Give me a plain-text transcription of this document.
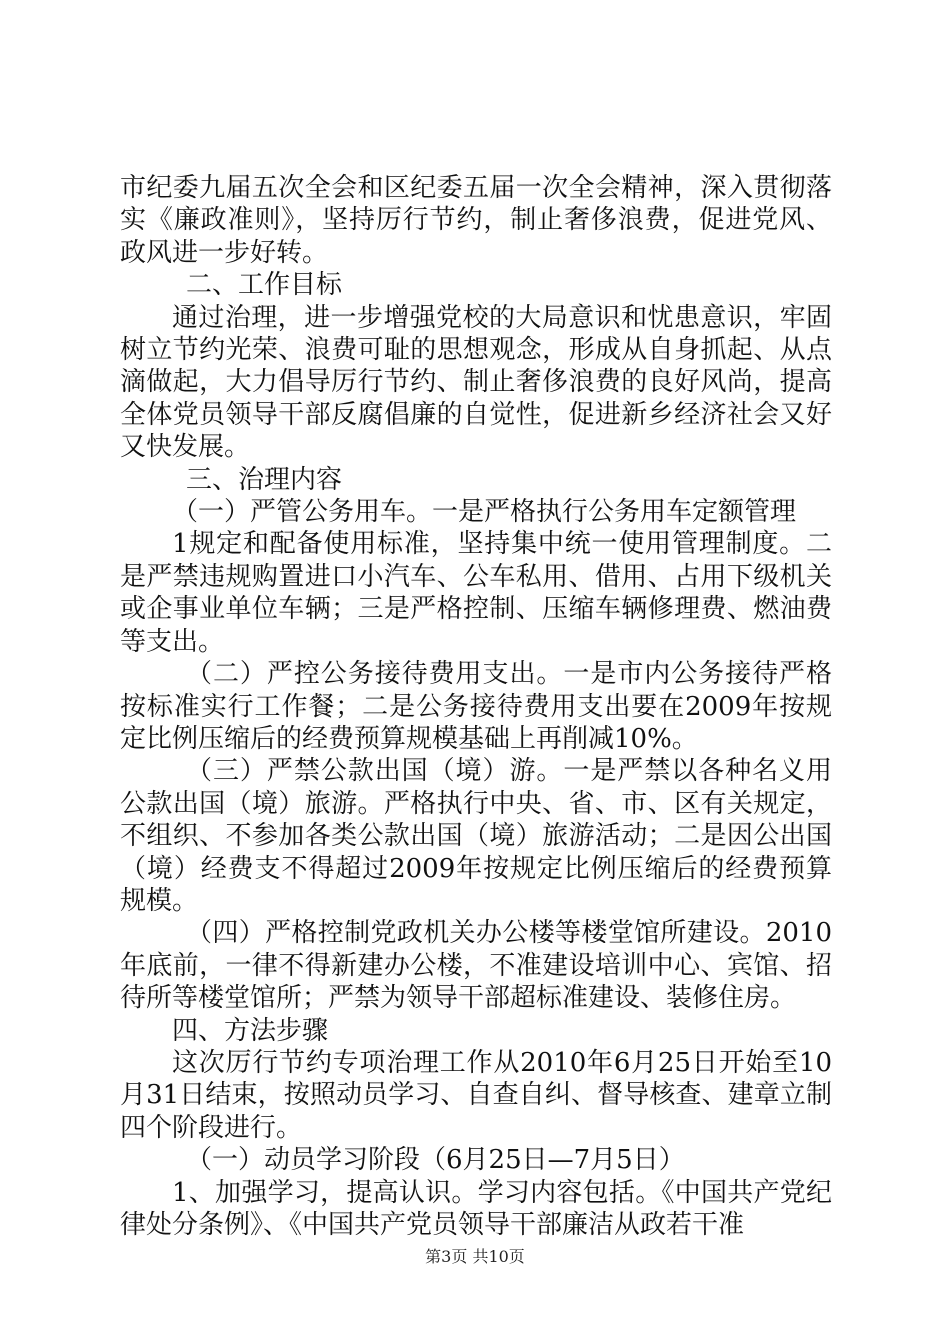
市纪委九届五次全会和区纪委五届一次全会精神，深入贯彻落实《廉政准则》，坚持厉行节约，制止奢侈浪费，促进党风、政风进一步好转。

二、工作目标

通过治理，进一步增强党校的大局意识和忧患意识，牢固树立节约光荣、浪费可耻的思想观念，形成从自身抓起、从点滴做起，大力倡导厉行节约、制止奢侈浪费的良好风尚，提高全体党员领导干部反腐倡廉的自觉性，促进新乡经济社会又好又快发展。

三、治理内容

（一）严管公务用车。一是严格执行公务用车定额管理

1规定和配备使用标准，坚持集中统一使用管理制度。二是严禁违规购置进口小汽车、公车私用、借用、占用下级机关或企事业单位车辆；三是严格控制、压缩车辆修理费、燃油费等支出。

（二）严控公务接待费用支出。一是市内公务接待严格按标准实行工作餐；二是公务接待费用支出要在2009年按规定比例压缩后的经费预算规模基础上再削减10%。

（三）严禁公款出国（境）游。一是严禁以各种名义用公款出国（境）旅游。严格执行中央、省、市、区有关规定，不组织、不参加各类公款出国（境）旅游活动；二是因公出国（境）经费支不得超过2009年按规定比例压缩后的经费预算规模。

（四）严格控制党政机关办公楼等楼堂馆所建设。2010年底前，一律不得新建办公楼，不准建设培训中心、宾馆、招待所等楼堂馆所；严禁为领导干部超标准建设、装修住房。

四、方法步骤

这次厉行节约专项治理工作从2010年6月25日开始至10月31日结束，按照动员学习、自查自纠、督导核查、建章立制四个阶段进行。

（一）动员学习阶段（6月25日—7月5日）

1、加强学习，提高认识。学习内容包括。《中国共产党纪律处分条例》、《中国共产党员领导干部廉洁从政若干准

第3页 共10页
